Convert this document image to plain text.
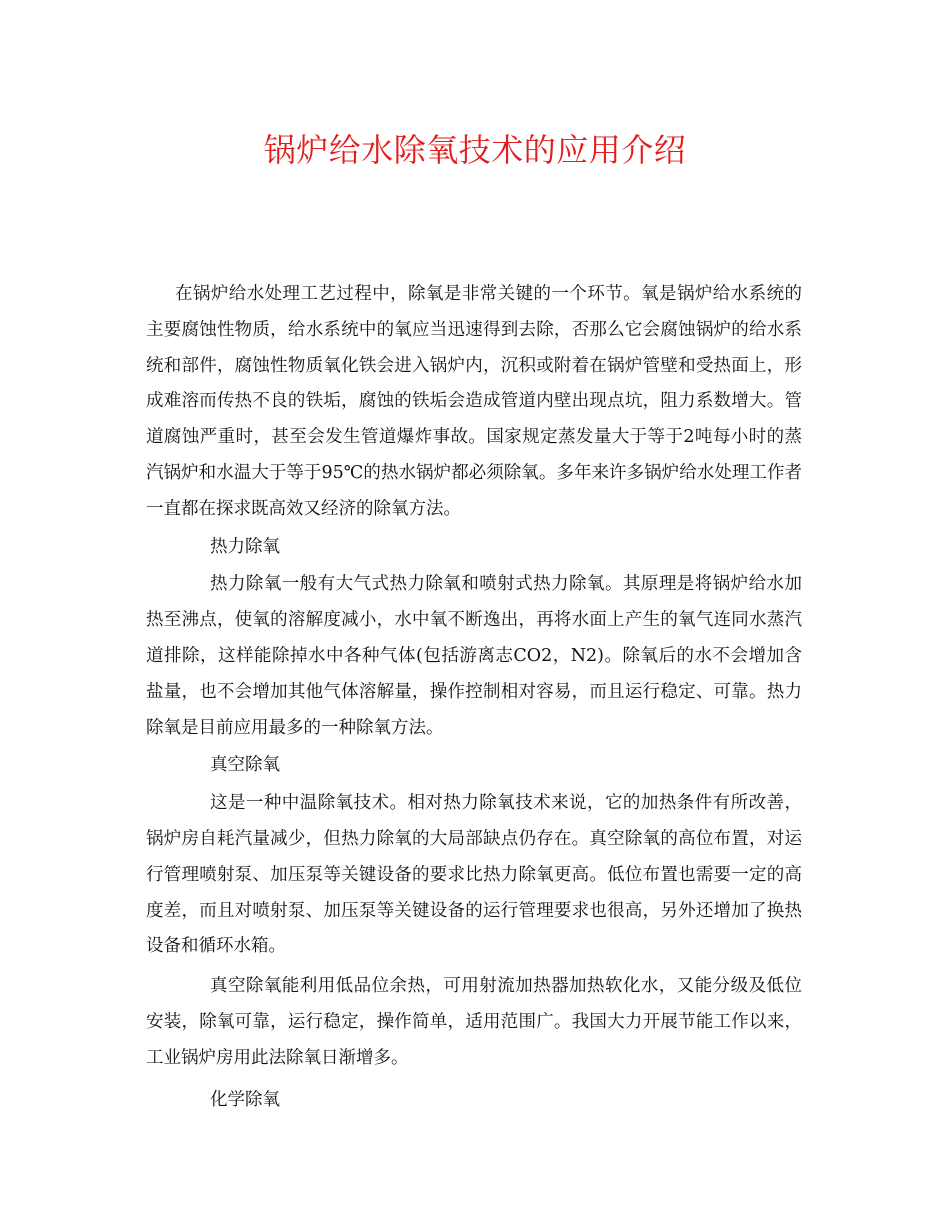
锅炉给水除氧技术的应用介绍

在锅炉给水处理工艺过程中，除氧是非常关键的一个环节。氧是锅炉给水系统的主要腐蚀性物质，给水系统中的氧应当迅速得到去除，否那么它会腐蚀锅炉的给水系统和部件，腐蚀性物质氧化铁会进入锅炉内，沉积或附着在锅炉管壁和受热面上，形成难溶而传热不良的铁垢，腐蚀的铁垢会造成管道内壁出现点坑，阻力系数增大。管道腐蚀严重时，甚至会发生管道爆炸事故。国家规定蒸发量大于等于2吨每小时的蒸汽锅炉和水温大于等于95℃的热水锅炉都必须除氧。多年来许多锅炉给水处理工作者一直都在探求既高效又经济的除氧方法。

热力除氧

热力除氧一般有大气式热力除氧和喷射式热力除氧。其原理是将锅炉给水加热至沸点，使氧的溶解度减小，水中氧不断逸出，再将水面上产生的氧气连同水蒸汽道排除，这样能除掉水中各种气体(包括游离志CO2，N2)。除氧后的水不会增加含盐量，也不会增加其他气体溶解量，操作控制相对容易，而且运行稳定、可靠。热力除氧是目前应用最多的一种除氧方法。

真空除氧

这是一种中温除氧技术。相对热力除氧技术来说，它的加热条件有所改善，锅炉房自耗汽量减少，但热力除氧的大局部缺点仍存在。真空除氧的高位布置，对运行管理喷射泵、加压泵等关键设备的要求比热力除氧更高。低位布置也需要一定的高度差，而且对喷射泵、加压泵等关键设备的运行管理要求也很高，另外还增加了换热设备和循环水箱。

真空除氧能利用低品位余热，可用射流加热器加热软化水，又能分级及低位安装，除氧可靠，运行稳定，操作简单，适用范围广。我国大力开展节能工作以来，工业锅炉房用此法除氧日渐增多。

化学除氧
